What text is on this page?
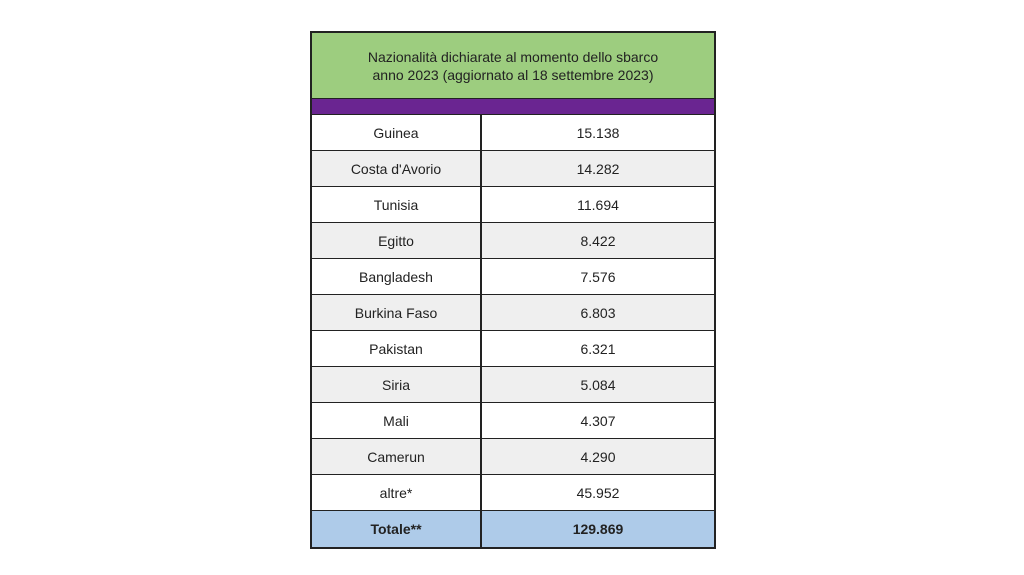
Nazionalità dichiarate al momento dello sbarco
anno 2023 (aggiornato al 18 settembre 2023)
Guinea	15.138
Costa d'Avorio	14.282
Tunisia	11.694
Egitto	8.422
Bangladesh	7.576
Burkina Faso	6.803
Pakistan	6.321
Siria	5.084
Mali	4.307
Camerun	4.290
altre*	45.952
Totale**	129.869
